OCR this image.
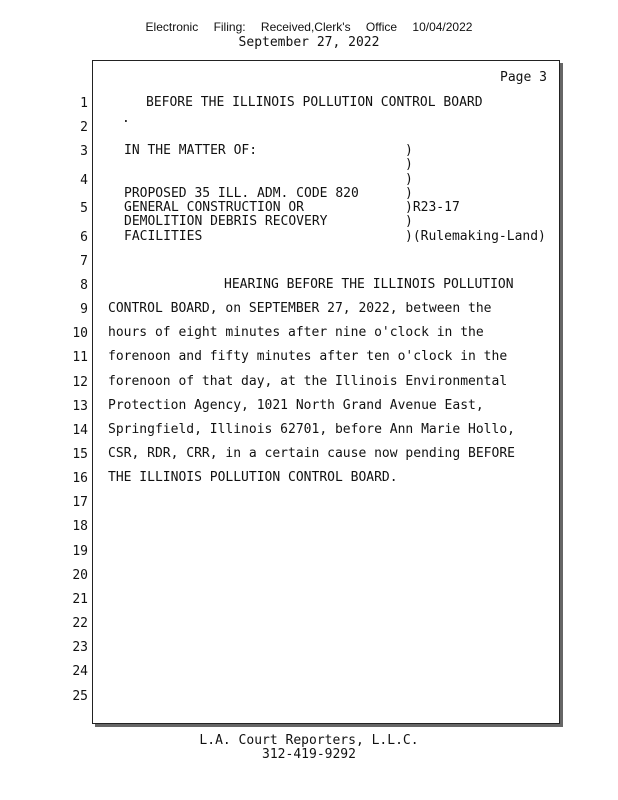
Electronic Filing: Received,Clerk's Office 10/04/2022
September 27, 2022
Page 3
1
2
3
4
5
6
7
8
9
10
11
12
13
14
15
16
17
18
19
20
21
22
23
24
25
BEFORE THE ILLINOIS POLLUTION CONTROL BOARD
.
IN THE MATTER OF:
PROPOSED 35 ILL. ADM. CODE 820
GENERAL CONSTRUCTION OR
DEMOLITION DEBRIS RECOVERY
FACILITIES
)
)
)
)
)R23-17
)
)(Rulemaking-Land)
HEARING BEFORE THE ILLINOIS POLLUTION
CONTROL BOARD, on SEPTEMBER 27, 2022, between the
hours of eight minutes after nine o'clock in the
forenoon and fifty minutes after ten o'clock in the
forenoon of that day, at the Illinois Environmental
Protection Agency, 1021 North Grand Avenue East,
Springfield, Illinois 62701, before Ann Marie Hollo,
CSR, RDR, CRR, in a certain cause now pending BEFORE
THE ILLINOIS POLLUTION CONTROL BOARD.
L.A. Court Reporters, L.L.C.
312-419-9292
